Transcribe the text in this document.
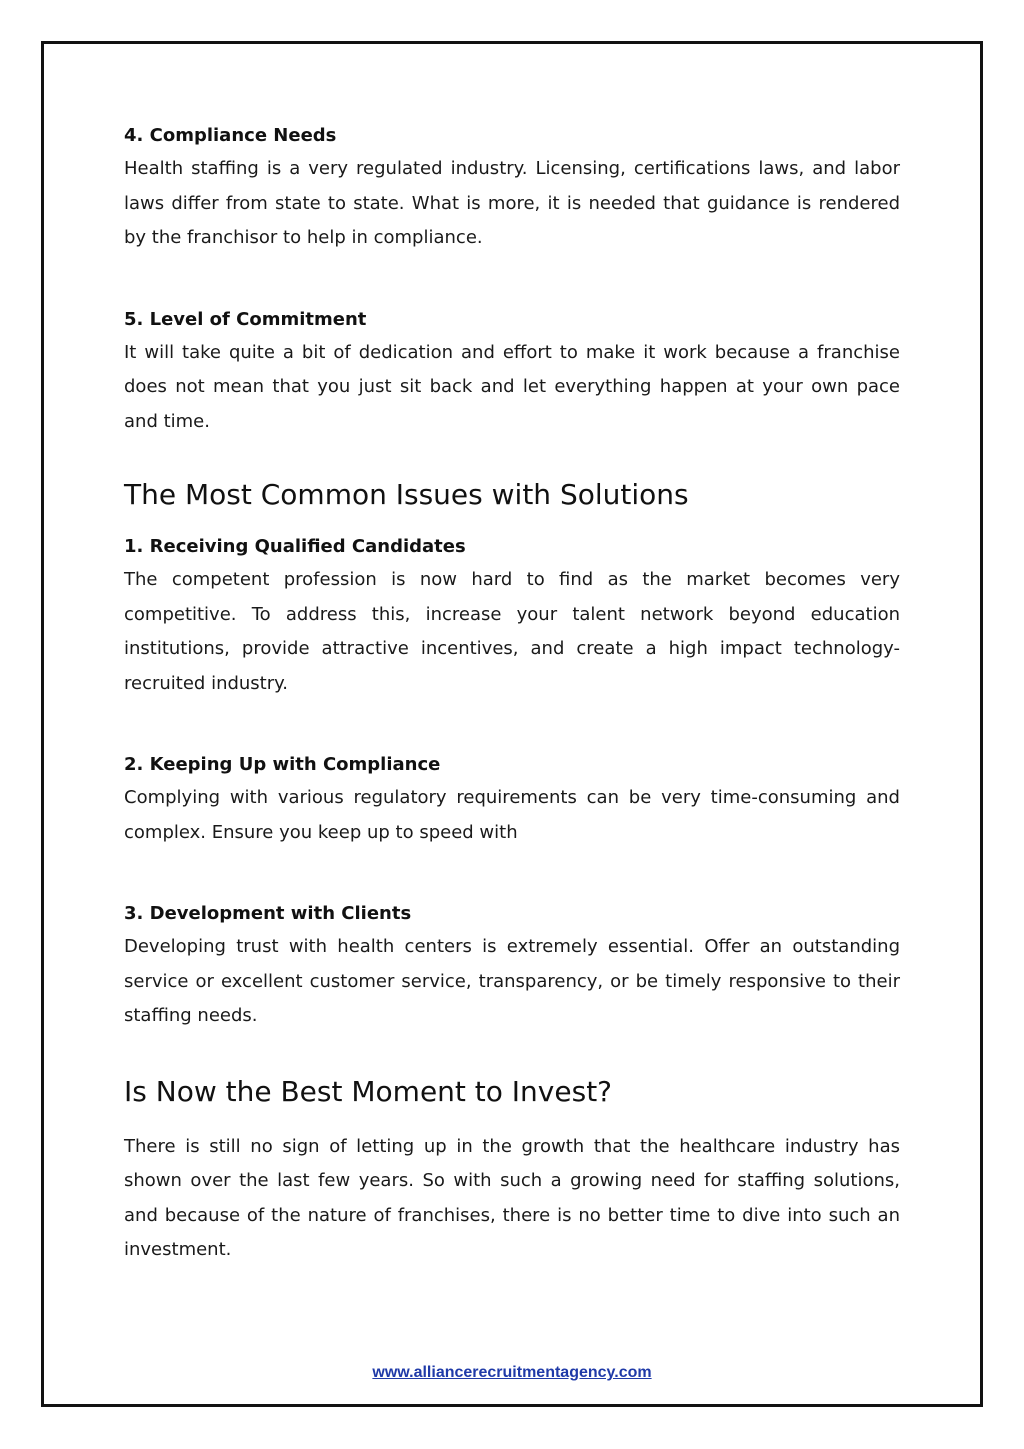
4. Compliance Needs

Health staffing is a very regulated industry. Licensing, certifications laws, and labor laws differ from state to state. What is more, it is needed that guidance is rendered by the franchisor to help in compliance.

5. Level of Commitment

It will take quite a bit of dedication and effort to make it work because a franchise does not mean that you just sit back and let everything happen at your own pace and time.

The Most Common Issues with Solutions
1. Receiving Qualified Candidates

The competent profession is now hard to find as the market becomes very competitive. To address this, increase your talent network beyond education institutions, provide attractive incentives, and create a high impact technology-recruited industry.

2. Keeping Up with Compliance

Complying with various regulatory requirements can be very time-consuming and complex. Ensure you keep up to speed with

3. Development with Clients

Developing trust with health centers is extremely essential. Offer an outstanding service or excellent customer service, transparency, or be timely responsive to their staffing needs.

Is Now the Best Moment to Invest?

There is still no sign of letting up in the growth that the healthcare industry has shown over the last few years. So with such a growing need for staffing solutions, and because of the nature of franchises, there is no better time to dive into such an investment.

www.alliancerecruitmentagency.com
